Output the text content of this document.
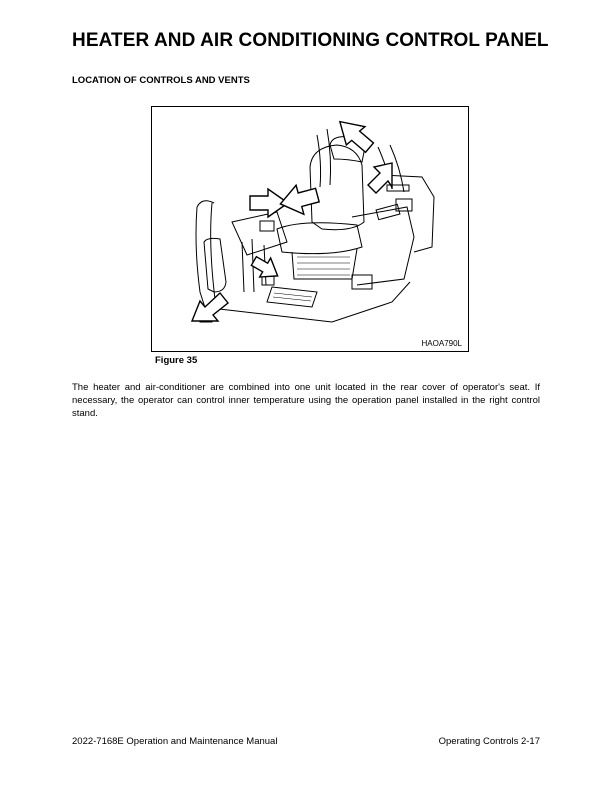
HEATER AND AIR CONDITIONING CONTROL PANEL
LOCATION OF CONTROLS AND VENTS
HAOA790L
Figure 35

The heater and air-conditioner are combined into one unit located in the rear cover of operator's seat. If necessary, the operator can control inner temperature using the operation panel installed in the right control stand.

2022-7168E Operation and Maintenance Manual	Operating Controls 2-17
